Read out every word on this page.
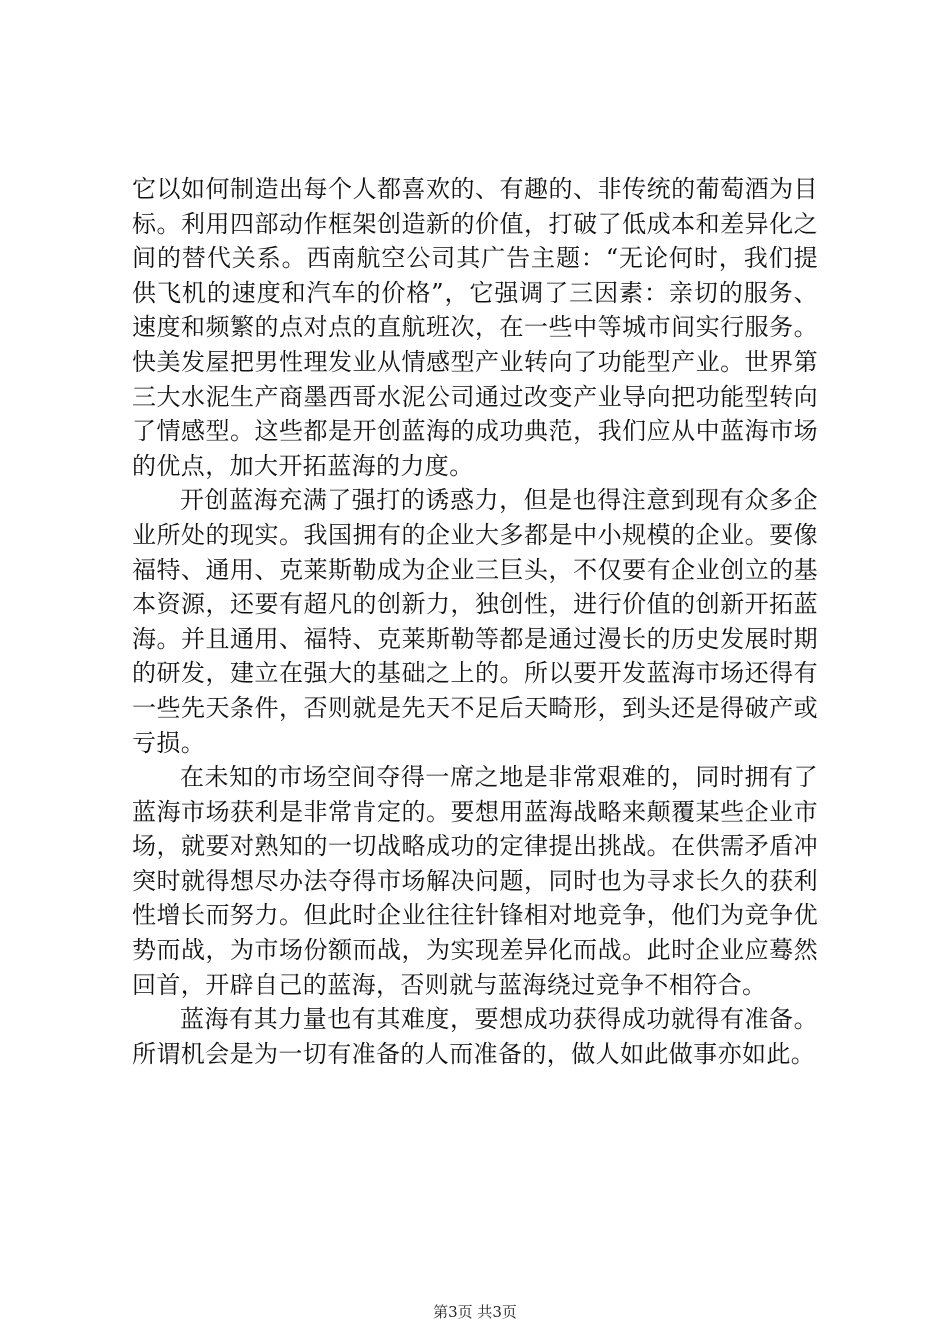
它以如何制造出每个人都喜欢的、有趣的、非传统的葡萄酒为目标。利用四部动作框架创造新的价值，打破了低成本和差异化之间的替代关系。西南航空公司其广告主题：“无论何时，我们提供飞机的速度和汽车的价格”，它强调了三因素：亲切的服务、速度和频繁的点对点的直航班次，在一些中等城市间实行服务。快美发屋把男性理发业从情感型产业转向了功能型产业。世界第三大水泥生产商墨西哥水泥公司通过改变产业导向把功能型转向了情感型。这些都是开创蓝海的成功典范，我们应从中蓝海市场的优点，加大开拓蓝海的力度。

开创蓝海充满了强打的诱惑力，但是也得注意到现有众多企业所处的现实。我国拥有的企业大多都是中小规模的企业。要像福特、通用、克莱斯勒成为企业三巨头，不仅要有企业创立的基本资源，还要有超凡的创新力，独创性，进行价值的创新开拓蓝海。并且通用、福特、克莱斯勒等都是通过漫长的历史发展时期的研发，建立在强大的基础之上的。所以要开发蓝海市场还得有一些先天条件，否则就是先天不足后天畸形，到头还是得破产或亏损。

在未知的市场空间夺得一席之地是非常艰难的，同时拥有了蓝海市场获利是非常肯定的。要想用蓝海战略来颠覆某些企业市场，就要对熟知的一切战略成功的定律提出挑战。在供需矛盾冲突时就得想尽办法夺得市场解决问题，同时也为寻求长久的获利性增长而努力。但此时企业往往针锋相对地竞争，他们为竞争优势而战，为市场份额而战，为实现差异化而战。此时企业应蓦然回首，开辟自己的蓝海，否则就与蓝海绕过竞争不相符合。

蓝海有其力量也有其难度，要想成功获得成功就得有准备。所谓机会是为一切有准备的人而准备的，做人如此做事亦如此。

第3页 共3页
